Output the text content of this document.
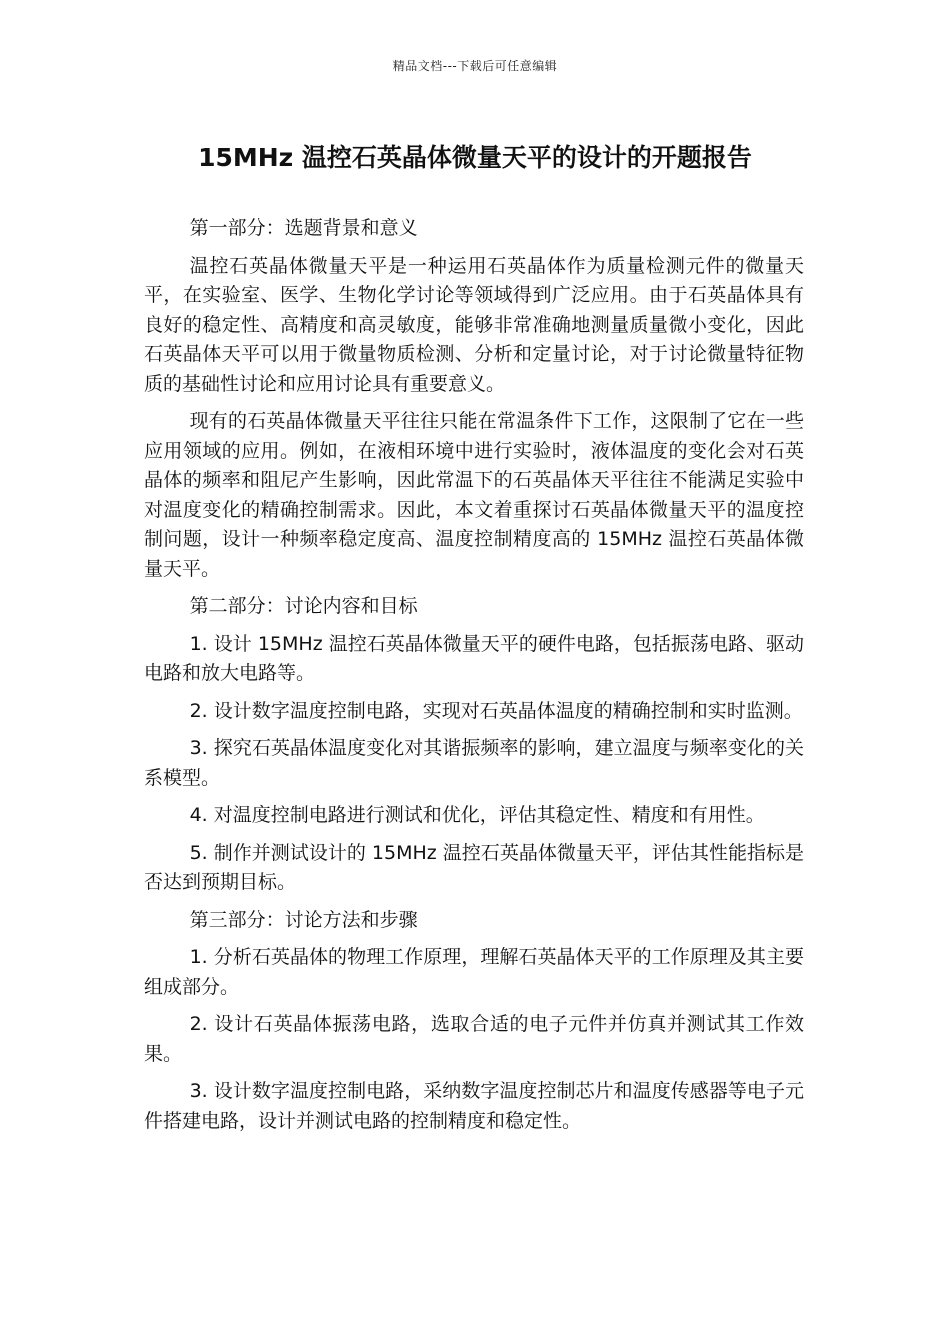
精品文档---下载后可任意编辑
15MHz 温控石英晶体微量天平的设计的开题报告

第一部分：选题背景和意义

温控石英晶体微量天平是一种运用石英晶体作为质量检测元件的微量天平，在实验室、医学、生物化学讨论等领域得到广泛应用。由于石英晶体具有良好的稳定性、高精度和高灵敏度，能够非常准确地测量质量微小变化，因此石英晶体天平可以用于微量物质检测、分析和定量讨论，对于讨论微量特征物质的基础性讨论和应用讨论具有重要意义。

现有的石英晶体微量天平往往只能在常温条件下工作，这限制了它在一些应用领域的应用。例如，在液相环境中进行实验时，液体温度的变化会对石英晶体的频率和阻尼产生影响，因此常温下的石英晶体天平往往不能满足实验中对温度变化的精确控制需求。因此，本文着重探讨石英晶体微量天平的温度控制问题，设计一种频率稳定度高、温度控制精度高的 15MHz 温控石英晶体微量天平。

第二部分：讨论内容和目标

1. 设计 15MHz 温控石英晶体微量天平的硬件电路，包括振荡电路、驱动电路和放大电路等。

2. 设计数字温度控制电路，实现对石英晶体温度的精确控制和实时监测。

3. 探究石英晶体温度变化对其谐振频率的影响，建立温度与频率变化的关系模型。

4. 对温度控制电路进行测试和优化，评估其稳定性、精度和有用性。

5. 制作并测试设计的 15MHz 温控石英晶体微量天平，评估其性能指标是否达到预期目标。

第三部分：讨论方法和步骤

1. 分析石英晶体的物理工作原理，理解石英晶体天平的工作原理及其主要组成部分。

2. 设计石英晶体振荡电路，选取合适的电子元件并仿真并测试其工作效果。

3. 设计数字温度控制电路，采纳数字温度控制芯片和温度传感器等电子元件搭建电路，设计并测试电路的控制精度和稳定性。
